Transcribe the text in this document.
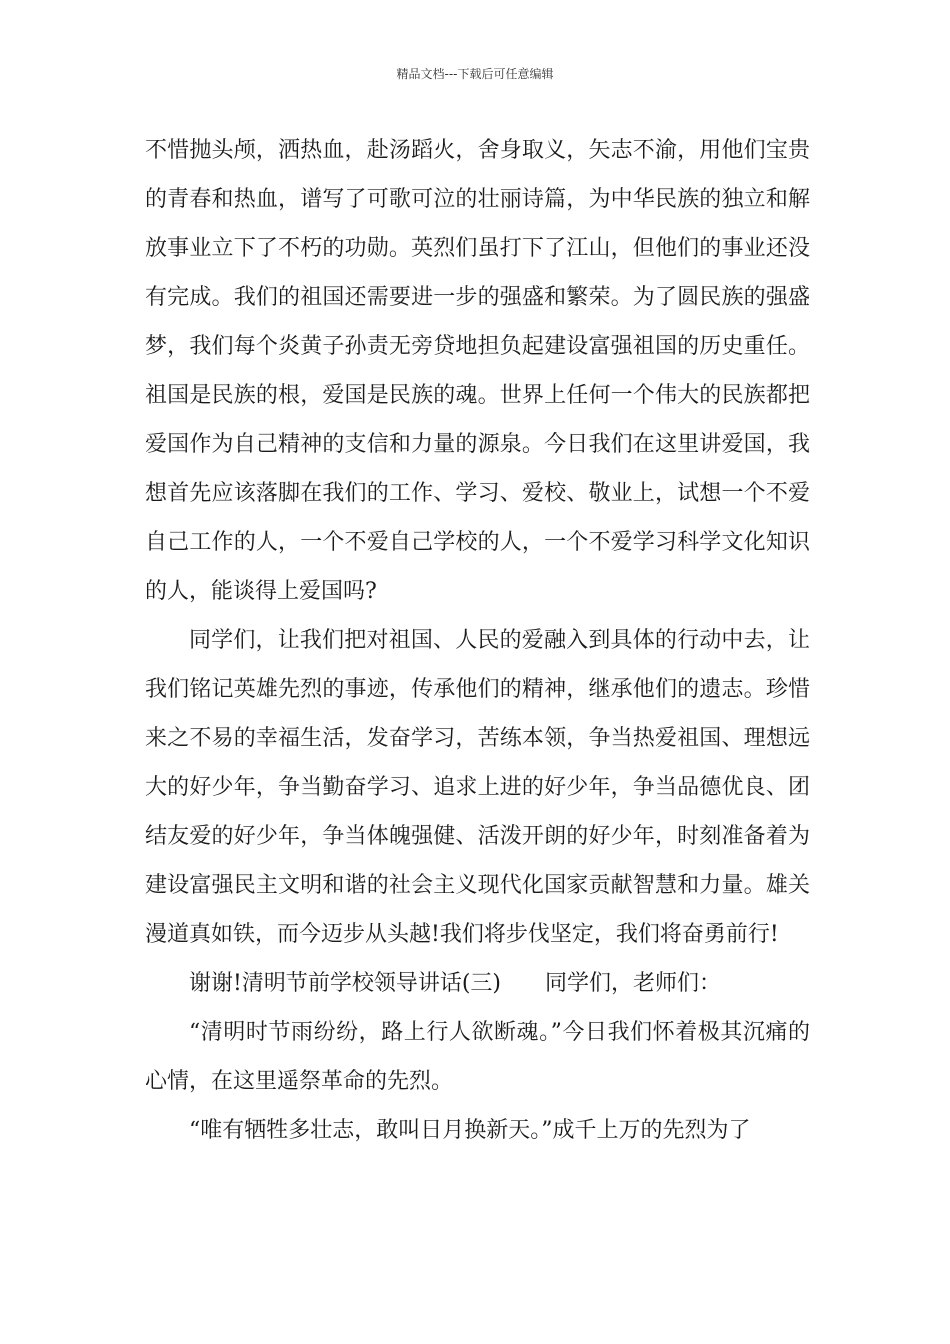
精品文档---下载后可任意编辑

不惜抛头颅，洒热血，赴汤蹈火，舍身取义，矢志不渝，用他们宝贵的青春和热血，谱写了可歌可泣的壮丽诗篇，为中华民族的独立和解放事业立下了不朽的功勋。英烈们虽打下了江山，但他们的事业还没有完成。我们的祖国还需要进一步的强盛和繁荣。为了圆民族的强盛梦，我们每个炎黄子孙责无旁贷地担负起建设富强祖国的历史重任。祖国是民族的根，爱国是民族的魂。世界上任何一个伟大的民族都把爱国作为自己精神的支信和力量的源泉。今日我们在这里讲爱国，我想首先应该落脚在我们的工作、学习、爱校、敬业上，试想一个不爱自己工作的人，一个不爱自己学校的人，一个不爱学习科学文化知识的人，能谈得上爱国吗?

同学们，让我们把对祖国、人民的爱融入到具体的行动中去，让我们铭记英雄先烈的事迹，传承他们的精神，继承他们的遗志。珍惜来之不易的幸福生活，发奋学习，苦练本领，争当热爱祖国、理想远大的好少年，争当勤奋学习、追求上进的好少年，争当品德优良、团结友爱的好少年，争当体魄强健、活泼开朗的好少年，时刻准备着为建设富强民主文明和谐的社会主义现代化国家贡献智慧和力量。雄关漫道真如铁，而今迈步从头越!我们将步伐坚定，我们将奋勇前行!

谢谢!清明节前学校领导讲话(三)　　同学们，老师们：

“清明时节雨纷纷，路上行人欲断魂。”今日我们怀着极其沉痛的心情，在这里遥祭革命的先烈。

“唯有牺牲多壮志，敢叫日月换新天。”成千上万的先烈为了
